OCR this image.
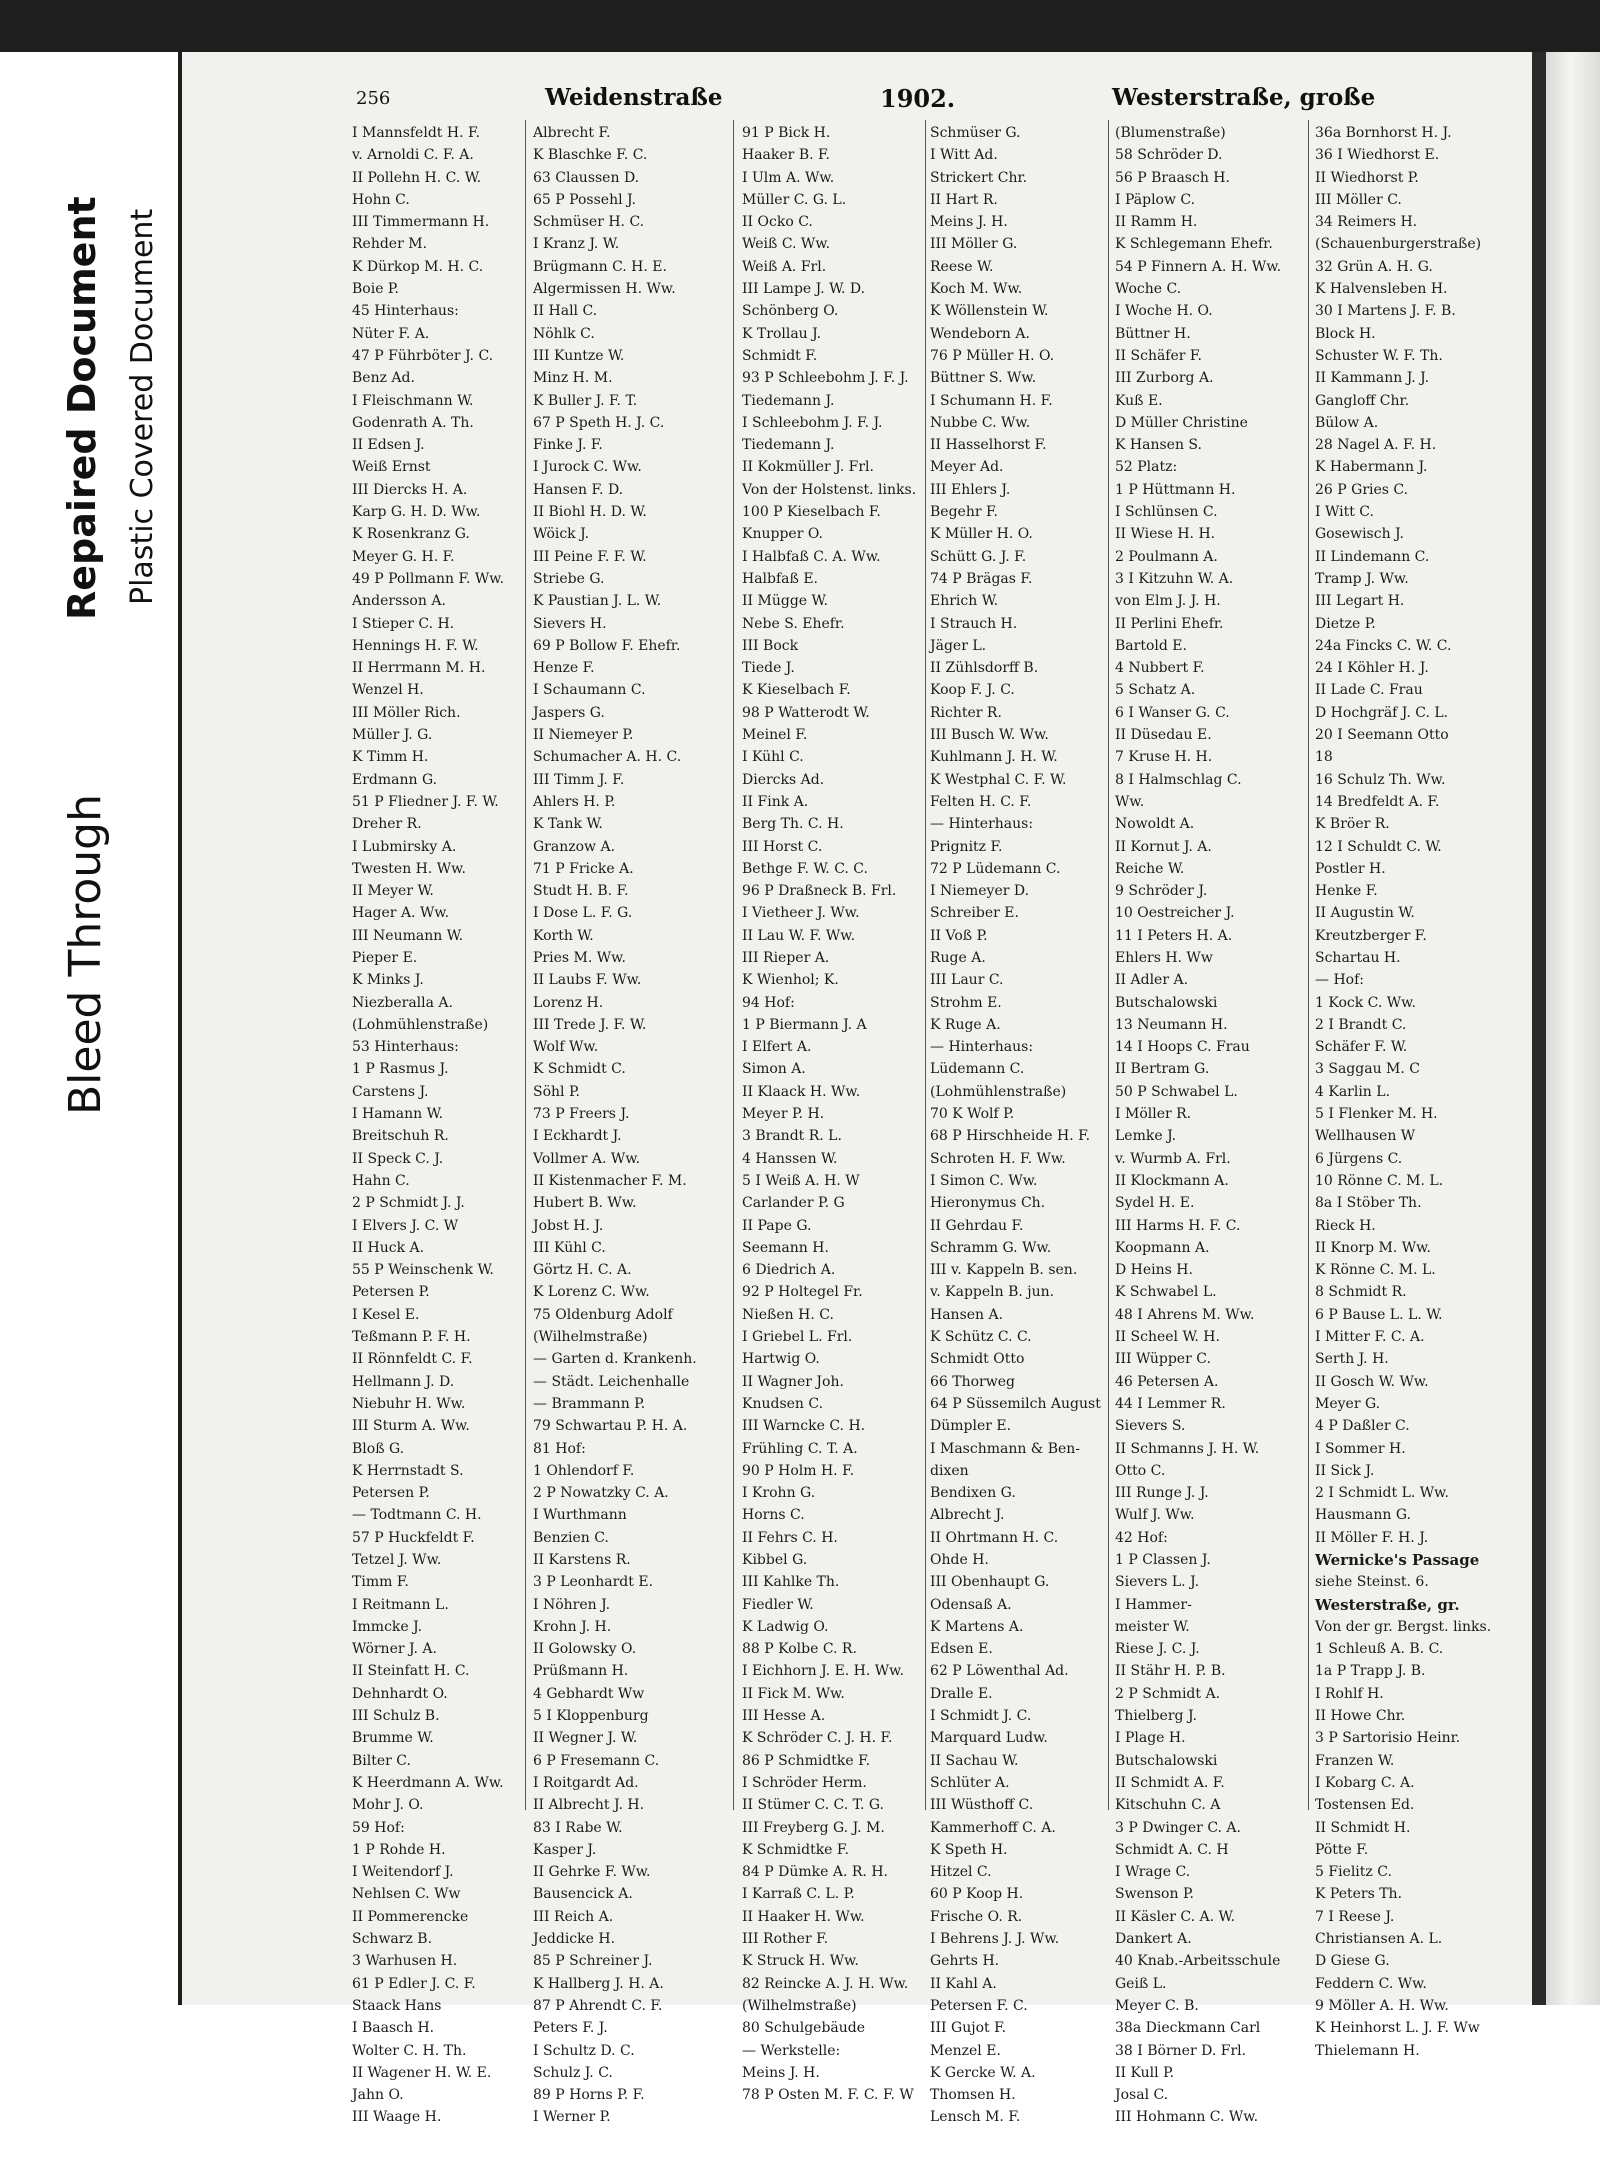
Repaired Document Plastic Covered Document
Bleed Through
256	Weidenstraße	1902.	Westerstraße, große
I Mannsfeldt H. F.
v. Arnoldi C. F. A.
II Pollehn H. C. W.
Hohn C.
III Timmermann H.
Rehder M.
K Dürkop M. H. C.
Boie P.
45 Hinterhaus:
Nüter F. A.
47 P Führböter J. C.
Benz Ad.
I Fleischmann W.
Godenrath A. Th.
II Edsen J.
Weiß Ernst
III Diercks H. A.
Karp G. H. D. Ww.
K Rosenkranz G.
Meyer G. H. F.
49 P Pollmann F. Ww.
Andersson A.
I Stieper C. H.
Hennings H. F. W.
II Herrmann M. H.
Wenzel H.
III Möller Rich.
Müller J. G.
K Timm H.
Erdmann G.
51 P Fliedner J. F. W.
Dreher R.
I Lubmirsky A.
Twesten H. Ww.
II Meyer W.
Hager A. Ww.
III Neumann W.
Pieper E.
K Minks J.
Niezberalla A.
(Lohmühlenstraße)
53 Hinterhaus:
1 P Rasmus J.
Carstens J.
I Hamann W.
Breitschuh R.
II Speck C. J.
Hahn C.
2 P Schmidt J. J.
I Elvers J. C. W
II Huck A.
55 P Weinschenk W.
Petersen P.
I Kesel E.
Teßmann P. F. H.
II Rönnfeldt C. F.
Hellmann J. D.
Niebuhr H. Ww.
III Sturm A. Ww.
Bloß G.
K Herrnstadt S.
Petersen P.
— Todtmann C. H.
57 P Huckfeldt F.
Tetzel J. Ww.
Timm F.
I Reitmann L.
Immcke J.
Wörner J. A.
II Steinfatt H. C.
Dehnhardt O.
III Schulz B.
Brumme W.
Bilter C.
K Heerdmann A. Ww.
Mohr J. O.
59 Hof:
1 P Rohde H.
I Weitendorf J.
Nehlsen C. Ww
II Pommerencke
Schwarz B.
3 Warhusen H.
61 P Edler J. C. F.
Staack Hans
I Baasch H.
Wolter C. H. Th.
II Wagener H. W. E.
Jahn O.
III Waage H.
Albrecht F.
K Blaschke F. C.
63 Claussen D.
65 P Possehl J.
Schmüser H. C.
I Kranz J. W.
Brügmann C. H. E.
Algermissen H. Ww.
II Hall C.
Nöhlk C.
III Kuntze W.
Minz H. M.
K Buller J. F. T.
67 P Speth H. J. C.
Finke J. F.
I Jurock C. Ww.
Hansen F. D.
II Biohl H. D. W.
Wöick J.
III Peine F. F. W.
Striebe G.
K Paustian J. L. W.
Sievers H.
69 P Bollow F. Ehefr.
Henze F.
I Schaumann C.
Jaspers G.
II Niemeyer P.
Schumacher A. H. C.
III Timm J. F.
Ahlers H. P.
K Tank W.
Granzow A.
71 P Fricke A.
Studt H. B. F.
I Dose L. F. G.
Korth W.
Pries M. Ww.
II Laubs F. Ww.
Lorenz H.
III Trede J. F. W.
Wolf Ww.
K Schmidt C.
Söhl P.
73 P Freers J.
I Eckhardt J.
Vollmer A. Ww.
II Kistenmacher F. M.
Hubert B. Ww.
Jobst H. J.
III Kühl C.
Görtz H. C. A.
K Lorenz C. Ww.
75 Oldenburg Adolf
(Wilhelmstraße)
— Garten d. Krankenh.
— Städt. Leichenhalle
— Brammann P.
79 Schwartau P. H. A.
81 Hof:
1 Ohlendorf F.
2 P Nowatzky C. A.
I Wurthmann
Benzien C.
II Karstens R.
3 P Leonhardt E.
I Nöhren J.
Krohn J. H.
II Golowsky O.
Prüßmann H.
4 Gebhardt Ww
5 I Kloppenburg
II Wegner J. W.
6 P Fresemann C.
I Roitgardt Ad.
II Albrecht J. H.
83 I Rabe W.
Kasper J.
II Gehrke F. Ww.
Bausencick A.
III Reich A.
Jeddicke H.
85 P Schreiner J.
K Hallberg J. H. A.
87 P Ahrendt C. F.
Peters F. J.
I Schultz D. C.
Schulz J. C.
89 P Horns P. F.
I Werner P.
91 P Bick H.
Haaker B. F.
I Ulm A. Ww.
Müller C. G. L.
II Ocko C.
Weiß C. Ww.
Weiß A. Frl.
III Lampe J. W. D.
Schönberg O.
K Trollau J.
Schmidt F.
93 P Schleebohm J. F. J.
Tiedemann J.
I Schleebohm J. F. J.
Tiedemann J.
II Kokmüller J. Frl.
Von der Holstenst. links.
100 P Kieselbach F.
Knupper O.
I Halbfaß C. A. Ww.
Halbfaß E.
II Mügge W.
Nebe S. Ehefr.
III Bock
Tiede J.
K Kieselbach F.
98 P Watterodt W.
Meinel F.
I Kühl C.
Diercks Ad.
II Fink A.
Berg Th. C. H.
III Horst C.
Bethge F. W. C. C.
96 P Draßneck B. Frl.
I Vietheer J. Ww.
II Lau W. F. Ww.
III Rieper A.
K Wienhol; K.
94 Hof:
1 P Biermann J. A
I Elfert A.
Simon A.
II Klaack H. Ww.
Meyer P. H.
3 Brandt R. L.
4 Hanssen W.
5 I Weiß A. H. W
Carlander P. G
II Pape G.
Seemann H.
6 Diedrich A.
92 P Holtegel Fr.
Nießen H. C.
I Griebel L. Frl.
Hartwig O.
II Wagner Joh.
Knudsen C.
III Warncke C. H.
Frühling C. T. A.
90 P Holm H. F.
I Krohn G.
Horns C.
II Fehrs C. H.
Kibbel G.
III Kahlke Th.
Fiedler W.
K Ladwig O.
88 P Kolbe C. R.
I Eichhorn J. E. H. Ww.
II Fick M. Ww.
III Hesse A.
K Schröder C. J. H. F.
86 P Schmidtke F.
I Schröder Herm.
II Stümer C. C. T. G.
III Freyberg G. J. M.
K Schmidtke F.
84 P Dümke A. R. H.
I Karraß C. L. P.
II Haaker H. Ww.
III Rother F.
K Struck H. Ww.
82 Reincke A. J. H. Ww.
(Wilhelmstraße)
80 Schulgebäude
— Werkstelle:
Meins J. H.
78 P Osten M. F. C. F. W
Schmüser G.
I Witt Ad.
Strickert Chr.
II Hart R.
Meins J. H.
III Möller G.
Reese W.
Koch M. Ww.
K Wöllenstein W.
Wendeborn A.
76 P Müller H. O.
Büttner S. Ww.
I Schumann H. F.
Nubbe C. Ww.
II Hasselhorst F.
Meyer Ad.
III Ehlers J.
Begehr F.
K Müller H. O.
Schütt G. J. F.
74 P Brägas F.
Ehrich W.
I Strauch H.
Jäger L.
II Zühlsdorff B.
Koop F. J. C.
Richter R.
III Busch W. Ww.
Kuhlmann J. H. W.
K Westphal C. F. W.
Felten H. C. F.
— Hinterhaus:
Prignitz F.
72 P Lüdemann C.
I Niemeyer D.
Schreiber E.
II Voß P.
Ruge A.
III Laur C.
Strohm E.
K Ruge A.
— Hinterhaus:
Lüdemann C.
(Lohmühlenstraße)
70 K Wolf P.
68 P Hirschheide H. F.
Schroten H. F. Ww.
I Simon C. Ww.
Hieronymus Ch.
II Gehrdau F.
Schramm G. Ww.
III v. Kappeln B. sen.
v. Kappeln B. jun.
Hansen A.
K Schütz C. C.
Schmidt Otto
66 Thorweg
64 P Süssemilch August
Dümpler E.
I Maschmann & Ben-
dixen
Bendixen G.
Albrecht J.
II Ohrtmann H. C.
Ohde H.
III Obenhaupt G.
Odensaß A.
K Martens A.
Edsen E.
62 P Löwenthal Ad.
Dralle E.
I Schmidt J. C.
Marquard Ludw.
II Sachau W.
Schlüter A.
III Wüsthoff C.
Kammerhoff C. A.
K Speth H.
Hitzel C.
60 P Koop H.
Frische O. R.
I Behrens J. J. Ww.
Gehrts H.
II Kahl A.
Petersen F. C.
III Gujot F.
Menzel E.
K Gercke W. A.
Thomsen H.
Lensch M. F.
(Blumenstraße)
58 Schröder D.
56 P Braasch H.
I Päplow C.
II Ramm H.
K Schlegemann Ehefr.
54 P Finnern A. H. Ww.
Woche C.
I Woche H. O.
Büttner H.
II Schäfer F.
III Zurborg A.
Kuß E.
D Müller Christine
K Hansen S.
52 Platz:
1 P Hüttmann H.
I Schlünsen C.
II Wiese H. H.
2 Poulmann A.
3 I Kitzuhn W. A.
von Elm J. J. H.
II Perlini Ehefr.
Bartold E.
4 Nubbert F.
5 Schatz A.
6 I Wanser G. C.
II Düsedau E.
7 Kruse H. H.
8 I Halmschlag C.
Ww.
Nowoldt A.
II Kornut J. A.
Reiche W.
9 Schröder J.
10 Oestreicher J.
11 I Peters H. A.
Ehlers H. Ww
II Adler A.
Butschalowski
13 Neumann H.
14 I Hoops C. Frau
II Bertram G.
50 P Schwabel L.
I Möller R.
Lemke J.
v. Wurmb A. Frl.
II Klockmann A.
Sydel H. E.
III Harms H. F. C.
Koopmann A.
D Heins H.
K Schwabel L.
48 I Ahrens M. Ww.
II Scheel W. H.
III Wüpper C.
46 Petersen A.
44 I Lemmer R.
Sievers S.
II Schmanns J. H. W.
Otto C.
III Runge J. J.
Wulf J. Ww.
42 Hof:
1 P Classen J.
Sievers L. J.
I Hammer-
meister W.
Riese J. C. J.
II Stähr H. P. B.
2 P Schmidt A.
Thielberg J.
I Plage H.
Butschalowski
II Schmidt A. F.
Kitschuhn C. A
3 P Dwinger C. A.
Schmidt A. C. H
I Wrage C.
Swenson P.
II Käsler C. A. W.
Dankert A.
40 Knab.-Arbeitsschule
Geiß L.
Meyer C. B.
38a Dieckmann Carl
38 I Börner D. Frl.
II Kull P.
Josal C.
III Hohmann C. Ww.
36a Bornhorst H. J.
36 I Wiedhorst E.
II Wiedhorst P.
III Möller C.
34 Reimers H.
(Schauenburgerstraße)
32 Grün A. H. G.
K Halvensleben H.
30 I Martens J. F. B.
Block H.
Schuster W. F. Th.
II Kammann J. J.
Gangloff Chr.
Bülow A.
28 Nagel A. F. H.
K Habermann J.
26 P Gries C.
I Witt C.
Gosewisch J.
II Lindemann C.
Tramp J. Ww.
III Legart H.
Dietze P.
24a Fincks C. W. C.
24 I Köhler H. J.
II Lade C. Frau
D Hochgräf J. C. L.
20 I Seemann Otto
18
16 Schulz Th. Ww.
14 Bredfeldt A. F.
K Bröer R.
12 I Schuldt C. W.
Postler H.
Henke F.
II Augustin W.
Kreutzberger F.
Schartau H.
— Hof:
1 Kock C. Ww.
2 I Brandt C.
Schäfer F. W.
3 Saggau M. C
4 Karlin L.
5 I Flenker M. H.
Wellhausen W
6 Jürgens C.
10 Rönne C. M. L.
8a I Stöber Th.
Rieck H.
II Knorp M. Ww.
K Rönne C. M. L.
8 Schmidt R.
6 P Bause L. L. W.
I Mitter F. C. A.
Serth J. H.
II Gosch W. Ww.
Meyer G.
4 P Daßler C.
I Sommer H.
II Sick J.
2 I Schmidt L. Ww.
Hausmann G.
II Möller F. H. J.
Wernicke's Passage
siehe Steinst. 6.
Westerstraße, gr.
Von der gr. Bergst. links.
1 Schleuß A. B. C.
1a P Trapp J. B.
I Rohlf H.
II Howe Chr.
3 P Sartorisio Heinr.
Franzen W.
I Kobarg C. A.
Tostensen Ed.
II Schmidt H.
Pötte F.
5 Fielitz C.
K Peters Th.
7 I Reese J.
Christiansen A. L.
D Giese G.
Feddern C. Ww.
9 Möller A. H. Ww.
K Heinhorst L. J. F. Ww
Thielemann H.
